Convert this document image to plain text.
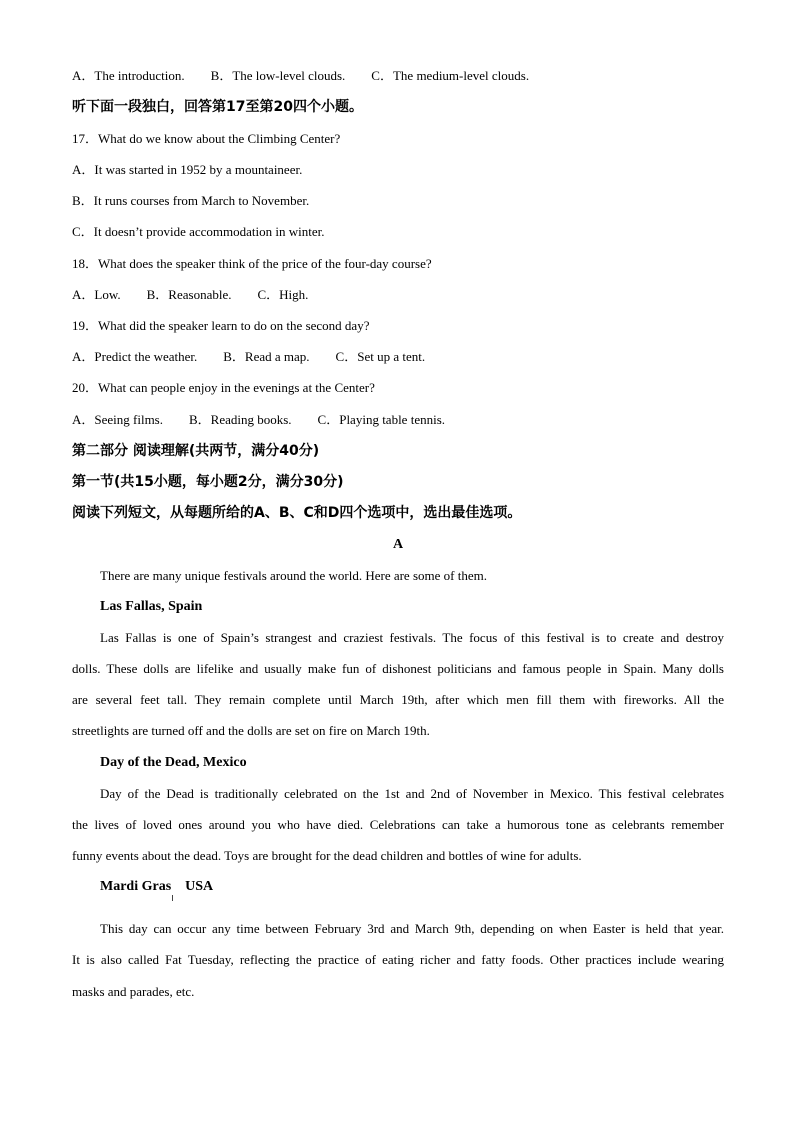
A．The introduction.　　B．The low-level clouds.　　C．The medium-level clouds.
听下面一段独白，回答第17至第20四个小题。
17．What do we know about the Climbing Center?
A．It was started in 1952 by a mountaineer.
B．It runs courses from March to November.
C．It doesn’t provide accommodation in winter.
18．What does the speaker think of the price of the four-day course?
A．Low.　　B．Reasonable.　　C．High.
19．What did the speaker learn to do on the second day?
A．Predict the weather.　　B．Read a map.　　C．Set up a tent.
20．What can people enjoy in the evenings at the Center?
A．Seeing films.　　B．Reading books.　　C．Playing table tennis.
第二部分 阅读理解(共两节，满分40分)
第一节(共15小题，每小题2分，满分30分)
阅读下列短文，从每题所给的A、B、C和D四个选项中，选出最佳选项。
A
There are many unique festivals around the world. Here are some of them.
Las Fallas, Spain
Las Fallas is one of Spain’s strangest and craziest festivals. The focus of this festival is to create and destroy
dolls. These dolls are lifelike and usually make fun of dishonest politicians and famous people in Spain. Many dolls
are several feet tall. They remain complete until March 19th, after which men fill them with fireworks. All the
streetlights are turned off and the dolls are set on fire on March 19th.
Day of the Dead, Mexico
Day of the Dead is traditionally celebrated on the 1st and 2nd of November in Mexico. This festival celebrates
the lives of loved ones around you who have died. Celebrations can take a humorous tone as celebrants remember
funny events about the dead. Toys are brought for the dead children and bottles of wine for adults.
Mardi Gras　USA
This day can occur any time between February 3rd and March 9th, depending on when Easter is held that year.
It is also called Fat Tuesday, reflecting the practice of eating richer and fatty foods. Other practices include wearing
masks and parades, etc.
